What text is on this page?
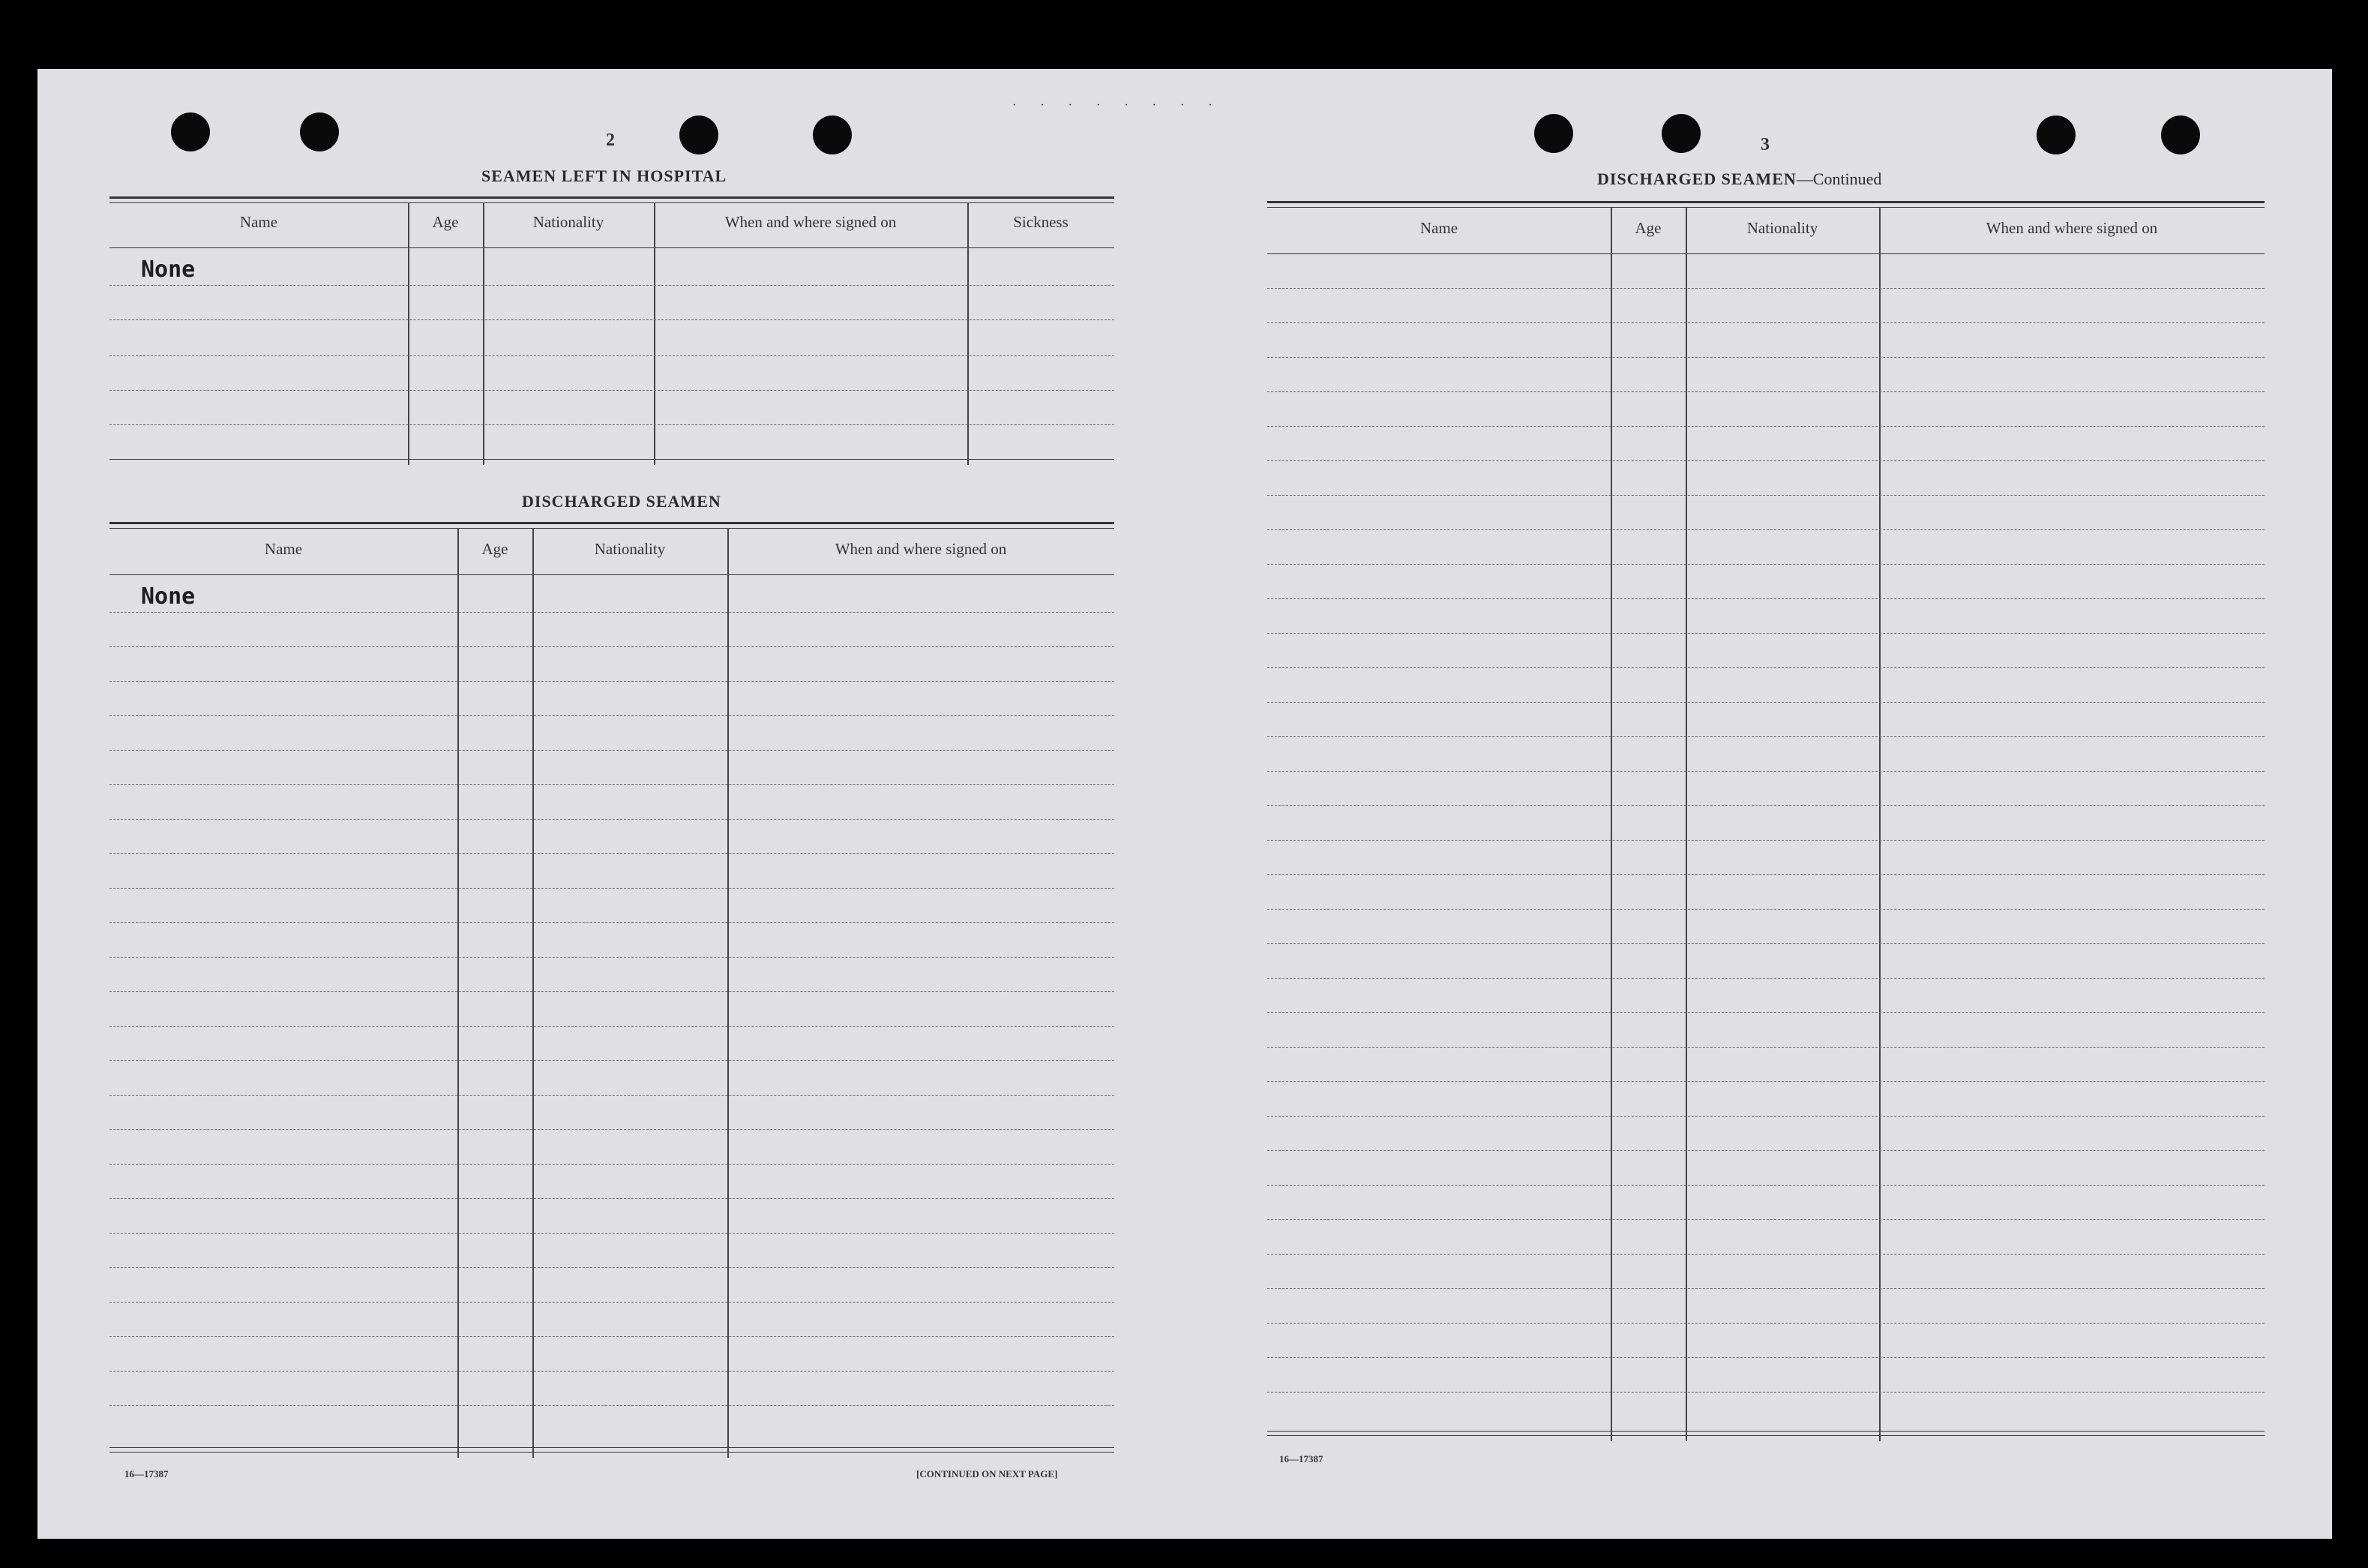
· · · · · · · ·
2
SEAMEN LEFT IN HOSPITAL
Name	Age	Nationality	When and where signed on	Sickness
None
DISCHARGED SEAMEN
Name	Age	Nationality	When and where signed on
None
16—17387	[CONTINUED ON NEXT PAGE]
3
DISCHARGED SEAMEN—Continued
Name	Age	Nationality	When and where signed on
16—17387
